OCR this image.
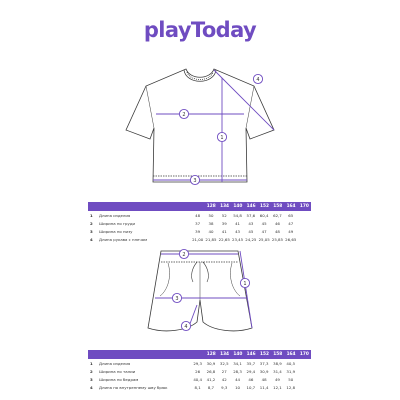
playToday
1
2
3
4
1
2
3
4
128	134	140	146	152	158	164	170
1	Длина изделия	48	50	52	54,8	57,6	60,4	62,7	65
2	Ширина по груди	37	38	39	41	43	45	46	47
3	Ширина по низу	39	40	41	43	45	47	48	49
4	Длина рукава с плечом	21,00 21,85 22,65 23,45 24,25 25,05 25,85 26,65
128	134	140	146	152	158	164	170
1	Длина изделия	29,3	30,9	32,5	34,1	35,7	37,3	38,9	40,5
2	Ширина по талии	26	26,8	27	28,3	29,4	30,9	31,4	31,9
3	Ширина по бедрам	40,4	41,2	42	44	46	48	49	50
4	Длина по внутреннему шву брюк	8,1	8,7	9,3	10	10,7	11,4	12,1	12,8
